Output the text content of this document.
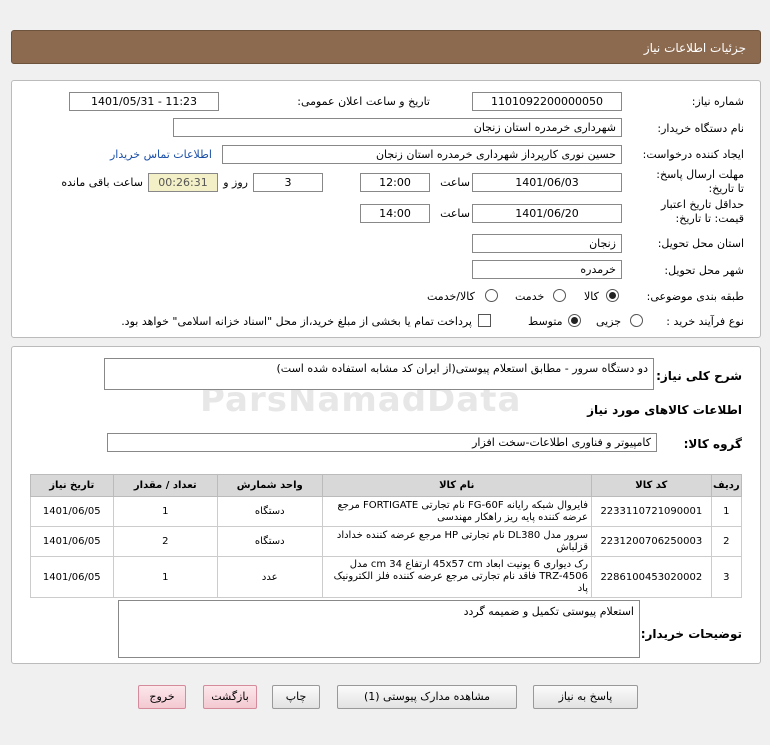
جزئیات اطلاعات نیاز
شماره نیاز:
1101092200000050
تاریخ و ساعت اعلان عمومی:
1401/05/31 - 11:23
نام دستگاه خریدار:
شهرداری خرمدره استان زنجان
ایجاد کننده درخواست:
حسین نوری کارپرداز شهرداری خرمدره استان زنجان
اطلاعات تماس خریدار
مهلت ارسال پاسخ: تا تاریخ:
1401/06/03
ساعت
12:00
3
روز و
00:26:31
ساعت باقی مانده
حداقل تاریخ اعتبار قیمت: تا تاریخ:
1401/06/20
ساعت
14:00
استان محل تحویل:
زنجان
شهر محل تحویل:
خرمدره
طبقه بندی موضوعی:
کالا
خدمت
کالا/خدمت
نوع فرآیند خرید :
جزیی
متوسط
پرداخت تمام یا بخشی از مبلغ خرید،از محل "اسناد خزانه اسلامی" خواهد بود.
شرح کلی نیاز:
دو دستگاه سرور - مطابق استعلام پیوستی(از ایران کد مشابه استفاده شده است)
اطلاعات کالاهای مورد نیاز
گروه کالا:
کامپیوتر و فناوری اطلاعات-سخت افزار
تاریخ نیاز	تعداد / مقدار	واحد شمارش	نام کالا	کد کالا	ردیف
1401/06/05	1	دستگاه	فایروال شبکه رایانه FG-60F نام تجارتی FORTIGATE مرجع عرضه کننده پایه ریز راهکار مهندسی	2233110721090001	1
1401/06/05	2	دستگاه	سرور مدل DL380 نام تجارتی HP مرجع عرضه کننده خداداد قزلباش	2231200706250003	2
1401/06/05	1	عدد	رک دیواری 6 یونیت ابعاد 45x57 cm ارتفاع 34 cm مدل TRZ-4506 فاقد نام تجارتی مرجع عرضه کننده فلز الکترونیک پاد	2286100453020002	3
توضیحات خریدار:
استعلام پیوستی تکمیل و ضمیمه گردد
پاسخ به نیاز
مشاهده مدارک پیوستی (1)
چاپ
بازگشت
خروج
